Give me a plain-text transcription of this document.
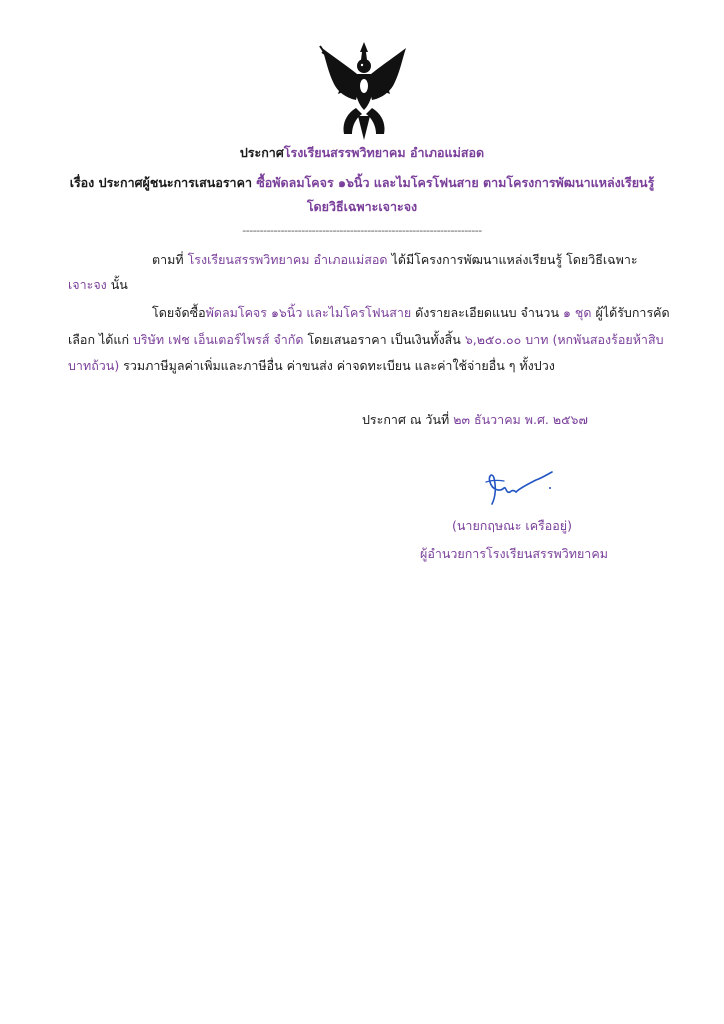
ประกาศโรงเรียนสรรพวิทยาคม อำเภอแม่สอด
เรื่อง ประกาศผู้ชนะการเสนอราคา ซื้อพัดลมโคจร ๑๖นิ้ว และไมโครโฟนสาย ตามโครงการพัฒนาแหล่งเรียนรู้
โดยวิธีเฉพาะเจาะจง
---------------------------------------------------------------------
ตามที่ โรงเรียนสรรพวิทยาคม อำเภอแม่สอด ได้มีโครงการพัฒนาแหล่งเรียนรู้ โดยวิธีเฉพาะ
เจาะจง นั้น
โดยจัดซื้อพัดลมโคจร ๑๖นิ้ว และไมโครโฟนสาย ดังรายละเอียดแนบ จำนวน ๑ ชุด ผู้ได้รับการคัด
เลือก ได้แก่ บริษัท เฟช เอ็นเตอร์ไพรส์ จำกัด โดยเสนอราคา เป็นเงินทั้งสิ้น ๖,๒๕๐.๐๐ บาท (หกพันสองร้อยห้าสิบ
บาทถ้วน) รวมภาษีมูลค่าเพิ่มและภาษีอื่น ค่าขนส่ง ค่าจดทะเบียน และค่าใช้จ่ายอื่น ๆ ทั้งปวง
ประกาศ ณ วันที่ ๒๓ ธันวาคม พ.ศ. ๒๕๖๗
(นายกฤษณะ เครืออยู่)
ผู้อำนวยการโรงเรียนสรรพวิทยาคม
